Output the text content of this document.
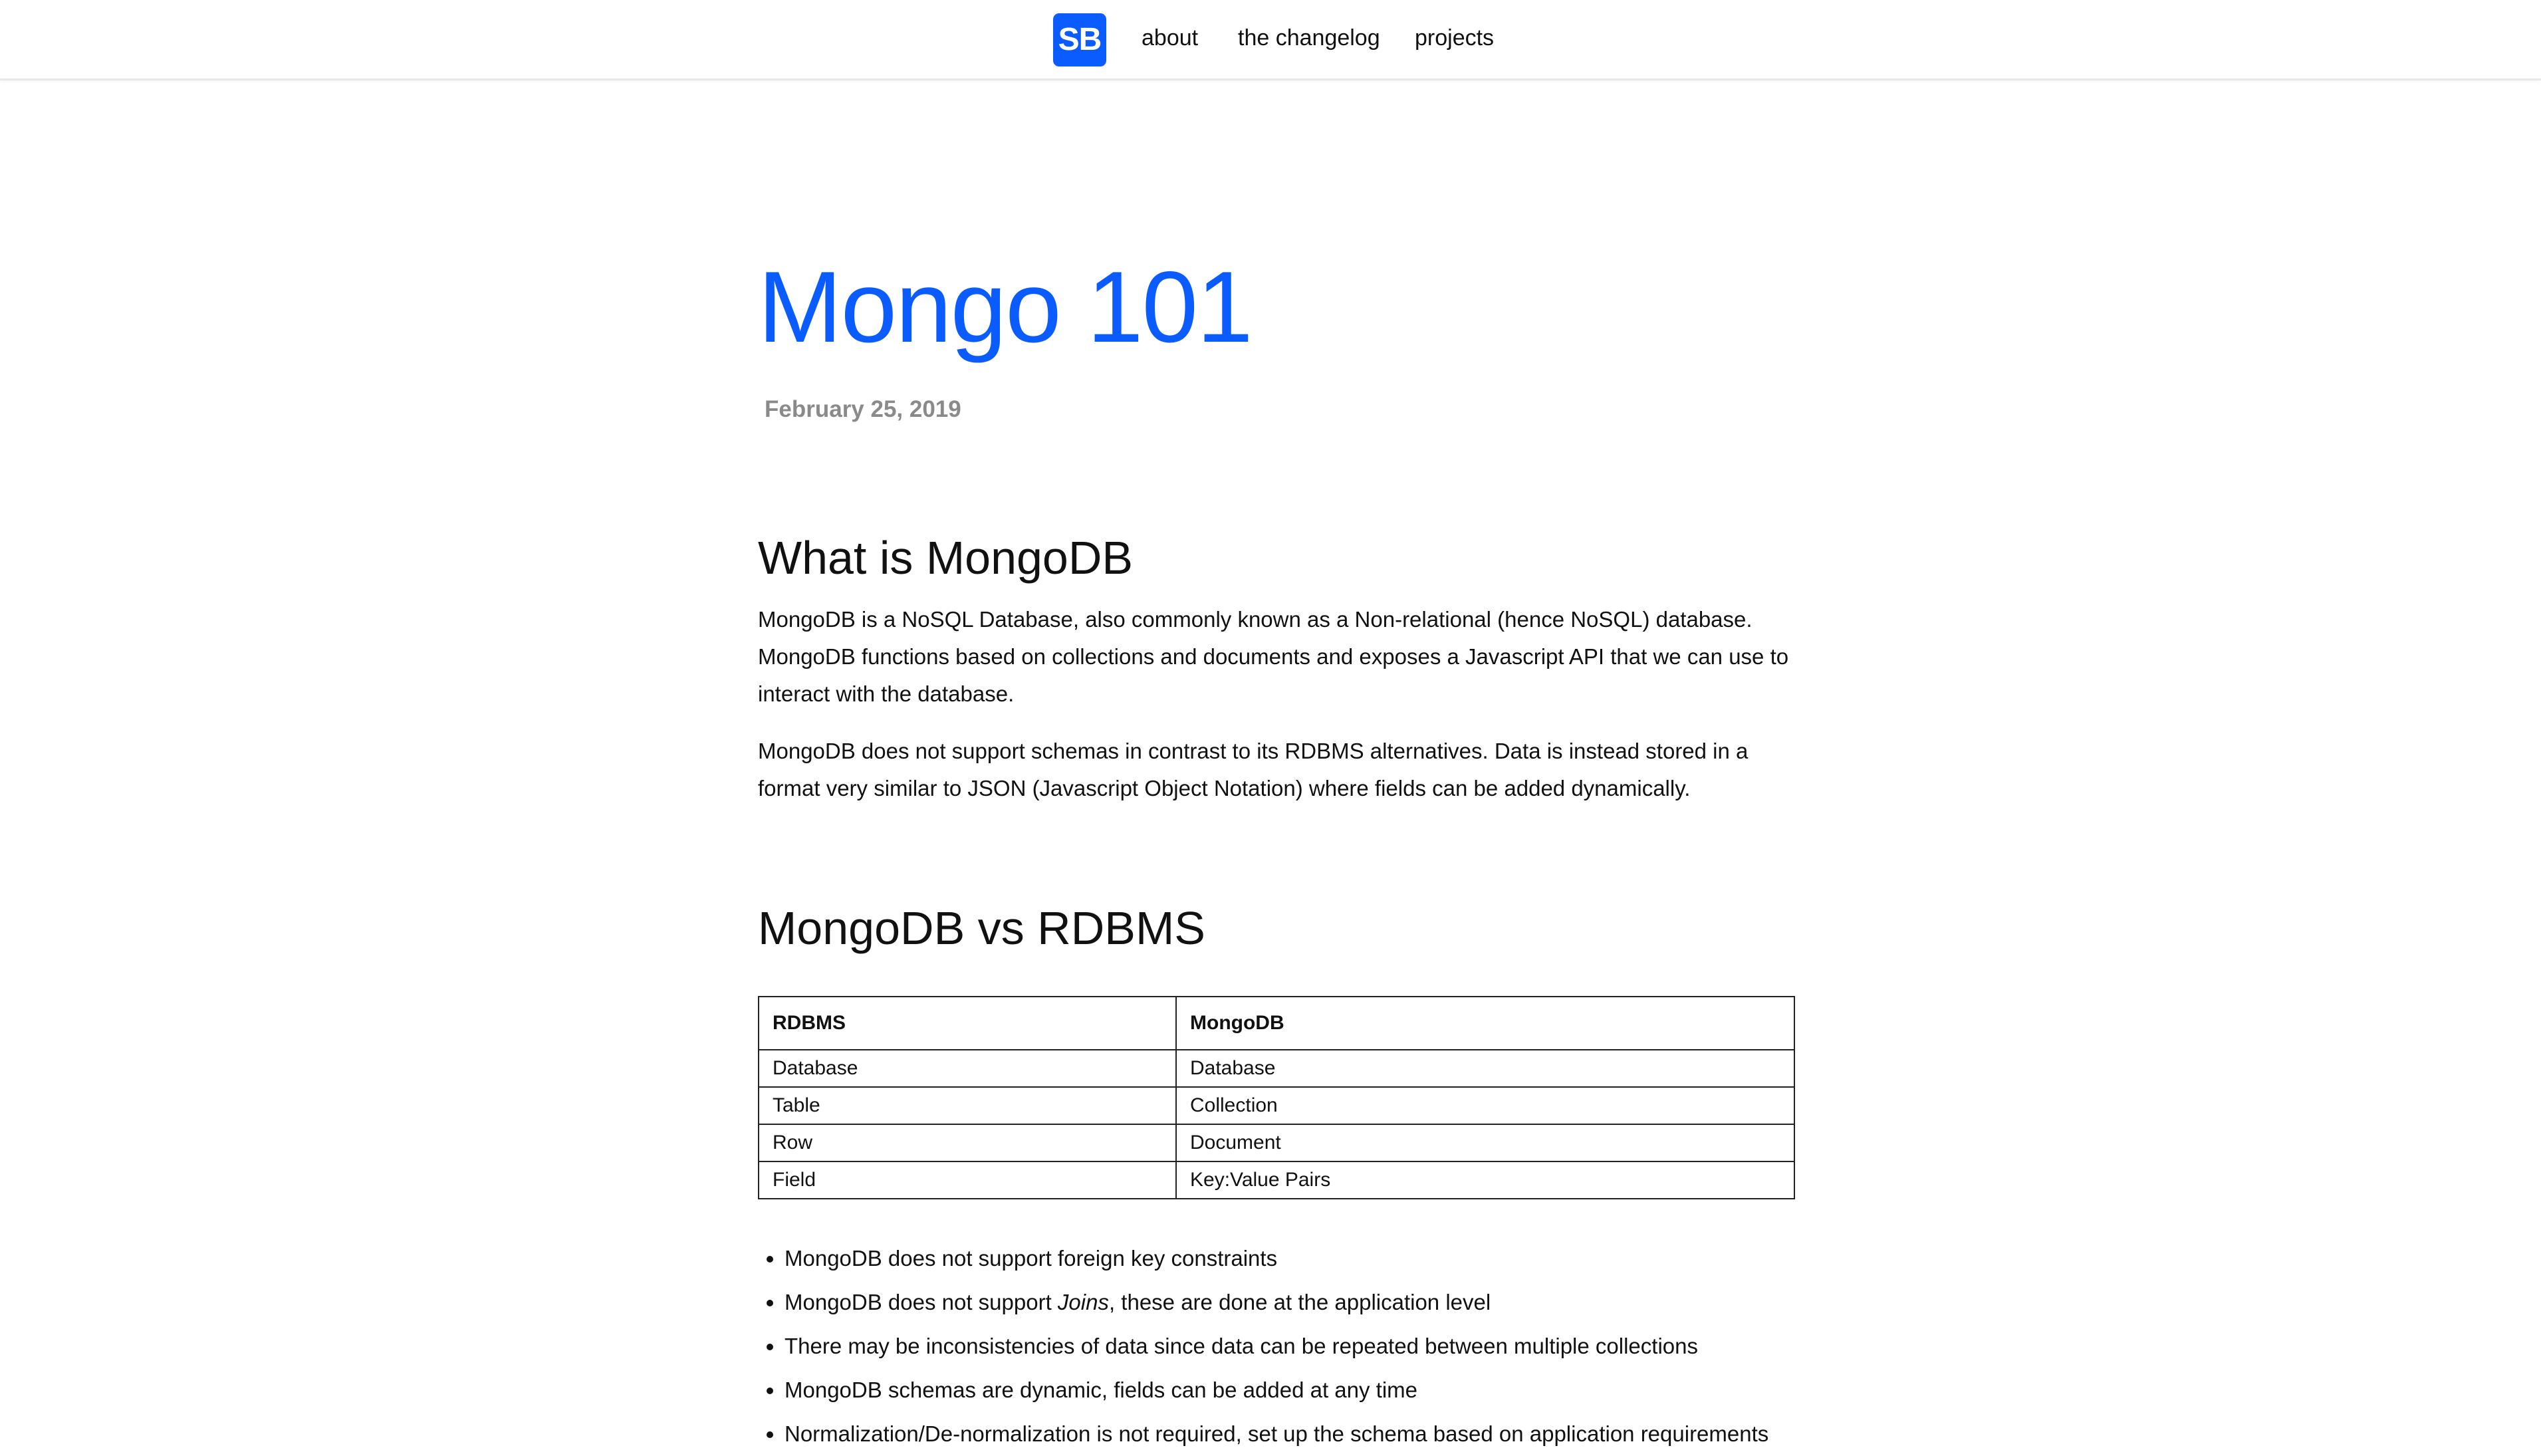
SB about the changelog projects
Mongo 101
February 25, 2019
What is MongoDB

MongoDB is a NoSQL Database, also commonly known as a Non-relational (hence NoSQL) database. MongoDB functions based on collections and documents and exposes a Javascript API that we can use to interact with the database.

MongoDB does not support schemas in contrast to its RDBMS alternatives. Data is instead stored in a format very similar to JSON (Javascript Object Notation) where fields can be added dynamically.

MongoDB vs RDBMS
RDBMS	MongoDB
Database	Database
Table	Collection
Row	Document
Field	Key:Value Pairs
• MongoDB does not support foreign key constraints
• MongoDB does not support Joins, these are done at the application level
• There may be inconsistencies of data since data can be repeated between multiple collections
• MongoDB schemas are dynamic, fields can be added at any time
• Normalization/De-normalization is not required, set up the schema based on application requirements
